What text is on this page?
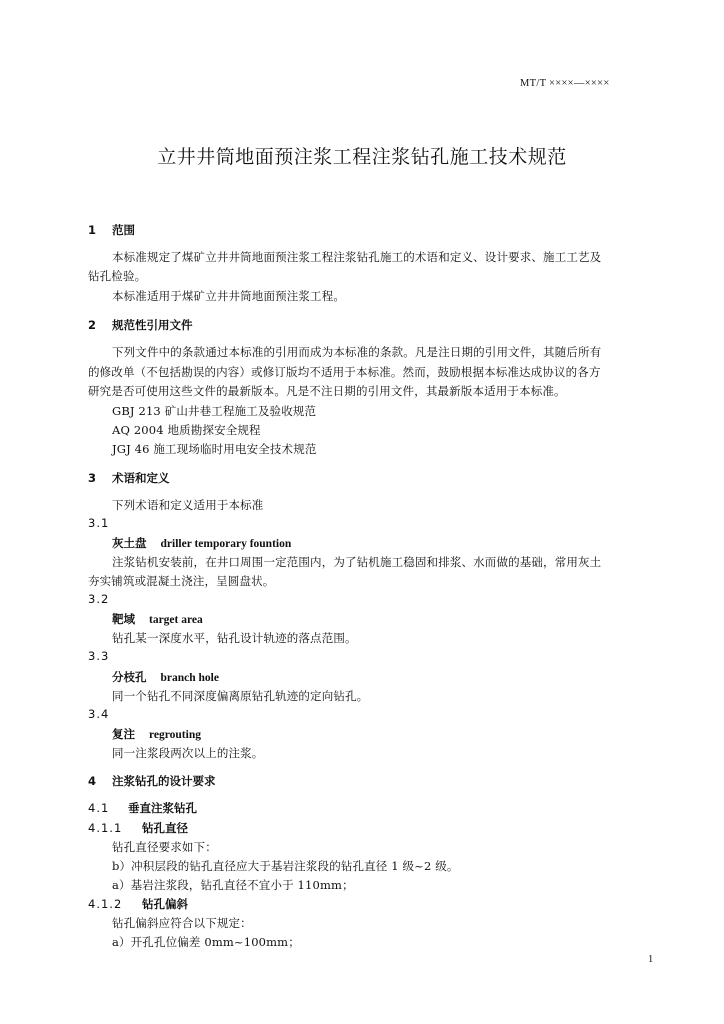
MT/T ××××—××××
立井井筒地面预注浆工程注浆钻孔施工技术规范
1 范围
本标准规定了煤矿立井井筒地面预注浆工程注浆钻孔施工的术语和定义、设计要求、施工工艺及
钻孔检验。
本标准适用于煤矿立井井筒地面预注浆工程。
2 规范性引用文件
下列文件中的条款通过本标准的引用而成为本标准的条款。凡是注日期的引用文件，其随后所有
的修改单（不包括勘误的内容）或修订版均不适用于本标准。然而，鼓励根据本标准达成协议的各方
研究是否可使用这些文件的最新版本。凡是不注日期的引用文件，其最新版本适用于本标准。
GBJ 213 矿山井巷工程施工及验收规范
AQ 2004 地质勘探安全规程
JGJ 46 施工现场临时用电安全技术规范
3 术语和定义
下列术语和定义适用于本标准
3.1
灰土盘 driller temporary fountion
注浆钻机安装前，在井口周围一定范围内，为了钻机施工稳固和排浆、水而做的基础，常用灰土
夯实铺筑或混凝土浇注，呈圆盘状。
3.2
靶域 target area
钻孔某一深度水平，钻孔设计轨迹的落点范围。
3.3
分枝孔 branch hole
同一个钻孔不同深度偏离原钻孔轨迹的定向钻孔。
3.4
复注 regrouting
同一注浆段两次以上的注浆。
4 注浆钻孔的设计要求
4.1 垂直注浆钻孔
4.1.1 钻孔直径
钻孔直径要求如下：
b）冲积层段的钻孔直径应大于基岩注浆段的钻孔直径 1 级~2 级。
a）基岩注浆段，钻孔直径不宜小于 110mm；
4.1.2 钻孔偏斜
钻孔偏斜应符合以下规定：
a）开孔孔位偏差 0mm~100mm；
1
